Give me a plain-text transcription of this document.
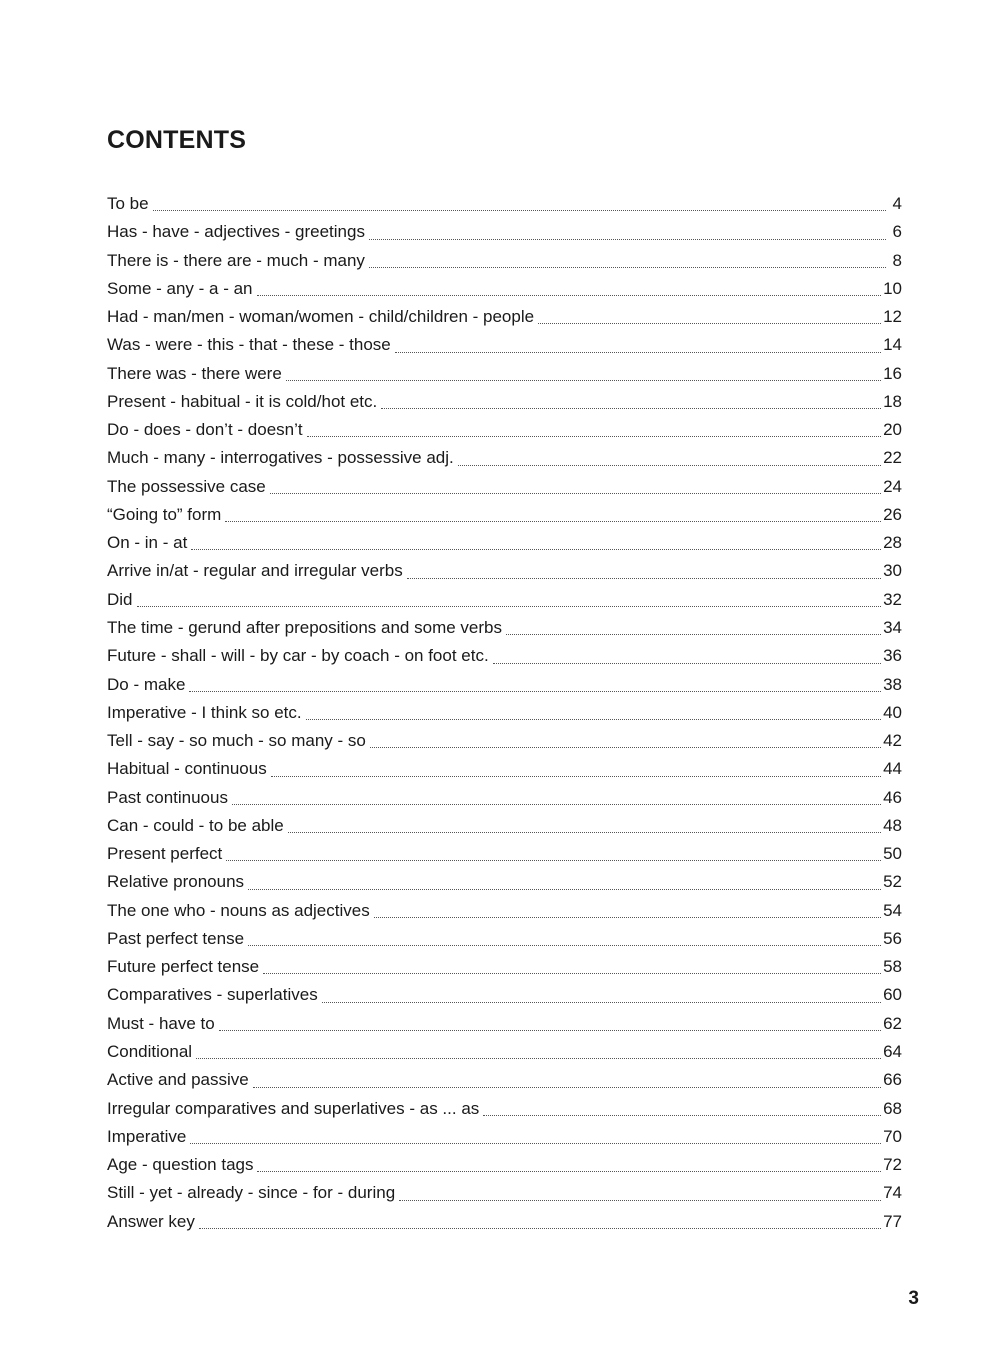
CONTENTS
To be	4
Has - have - adjectives - greetings	6
There is - there are - much - many	8
Some - any - a - an	10
Had - man/men - woman/women - child/children - people	12
Was - were - this - that - these - those	14
There was - there were	16
Present - habitual - it is cold/hot etc.	18
Do - does - don’t - doesn’t	20
Much - many - interrogatives - possessive adj.	22
The possessive case	24
“Going to” form	26
On - in - at	28
Arrive in/at - regular and irregular verbs	30
Did	32
The time - gerund after prepositions and some verbs	34
Future - shall - will - by car - by coach - on foot etc.	36
Do - make	38
Imperative - I think so etc.	40
Tell - say - so much - so many - so	42
Habitual - continuous	44
Past continuous	46
Can - could - to be able	48
Present perfect	50
Relative pronouns	52
The one who - nouns as adjectives	54
Past perfect tense	56
Future perfect tense	58
Comparatives - superlatives	60
Must - have to	62
Conditional	64
Active and passive	66
Irregular comparatives and superlatives - as ... as	68
Imperative	70
Age - question tags	72
Still - yet - already - since - for - during	74
Answer key	77
3
